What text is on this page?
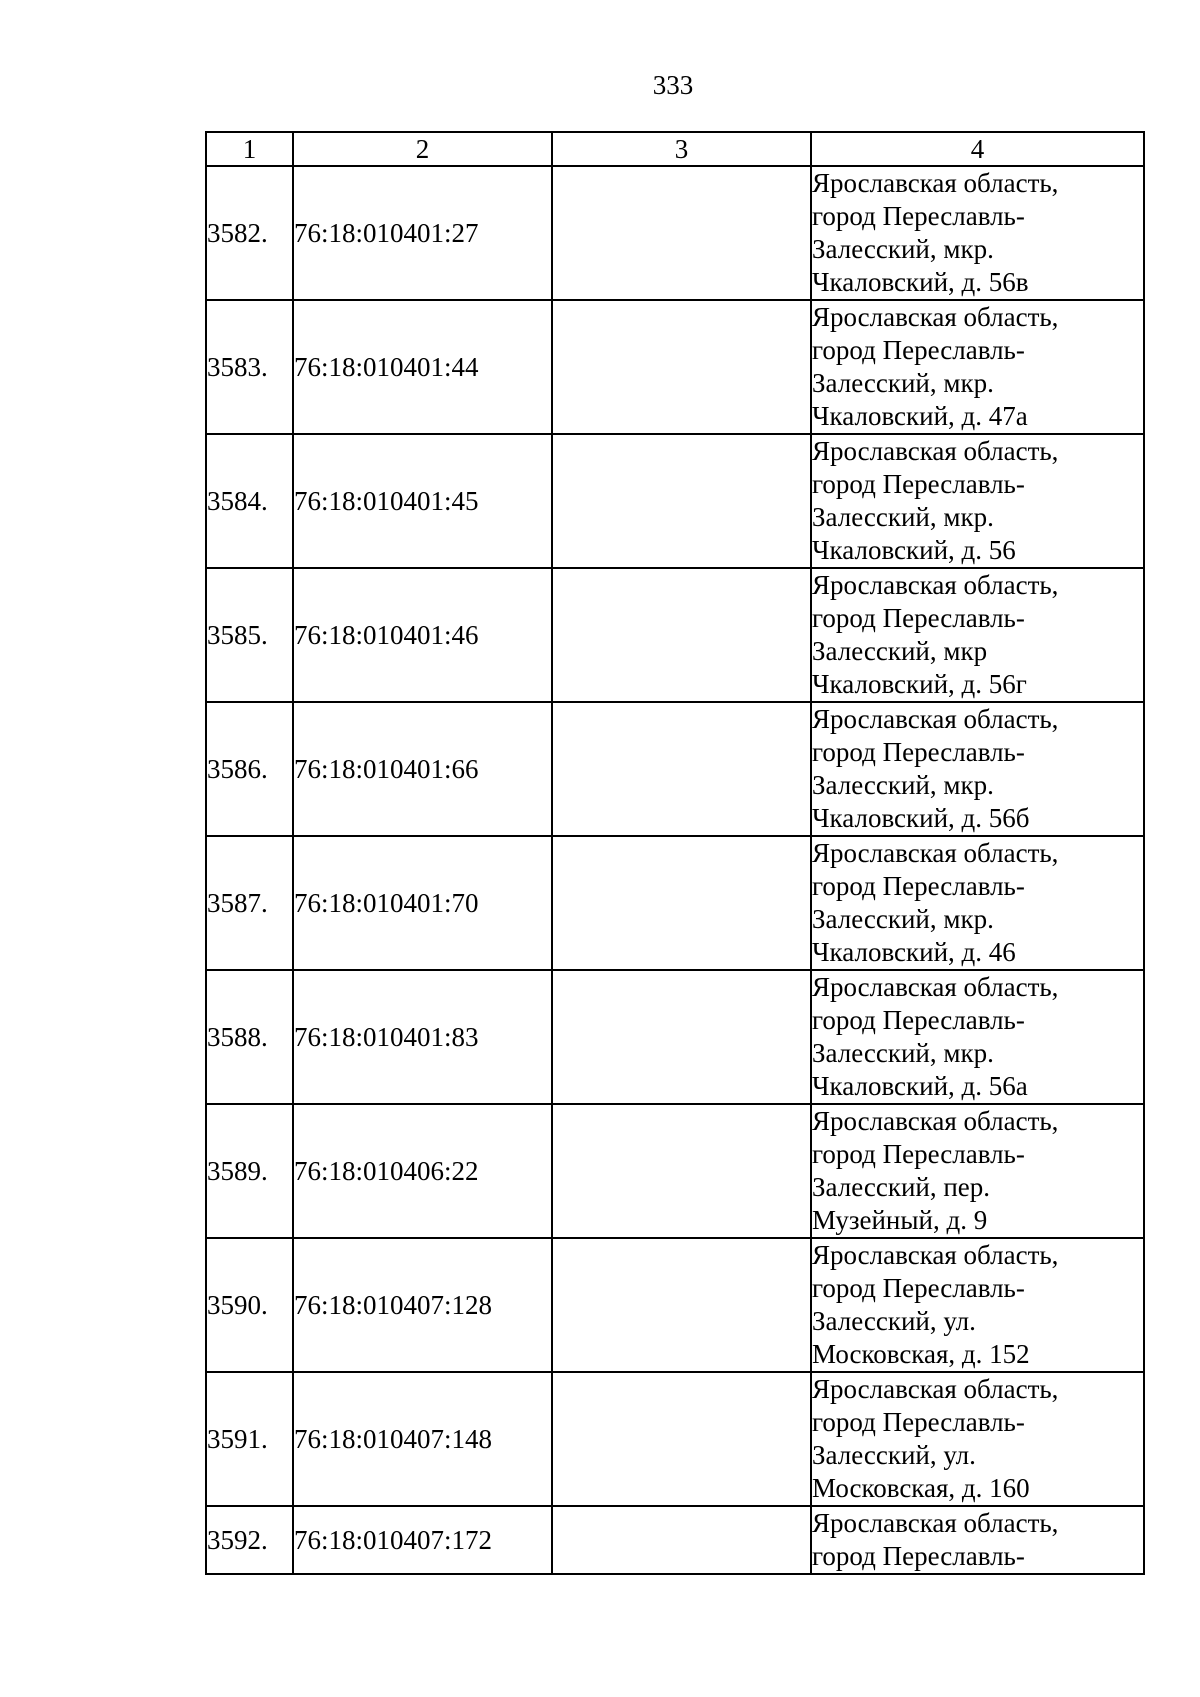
333
1	2	3	4
3582.	76:18:010401:27		Ярославская область,
город Переславль-
Залесский, мкр.
Чкаловский, д. 56в

3583.	76:18:010401:44		Ярославская область,
город Переславль-
Залесский, мкр.
Чкаловский, д. 47а

3584.	76:18:010401:45		Ярославская область,
город Переславль-
Залесский, мкр.
Чкаловский, д. 56

3585.	76:18:010401:46		Ярославская область,
город Переславль-
Залесский, мкр
Чкаловский, д. 56г

3586.	76:18:010401:66		Ярославская область,
город Переславль-
Залесский, мкр.
Чкаловский, д. 56б

3587.	76:18:010401:70		Ярославская область,
город Переславль-
Залесский, мкр.
Чкаловский, д. 46

3588.	76:18:010401:83		Ярославская область,
город Переславль-
Залесский, мкр.
Чкаловский, д. 56а

3589.	76:18:010406:22		Ярославская область,
город Переславль-
Залесский, пер.
Музейный, д. 9

3590.	76:18:010407:128		Ярославская область,
город Переславль-
Залесский, ул.
Московская, д. 152

3591.	76:18:010407:148		Ярославская область,
город Переславль-
Залесский, ул.
Московская, д. 160

3592.	76:18:010407:172		Ярославская область,
город Переславль-
